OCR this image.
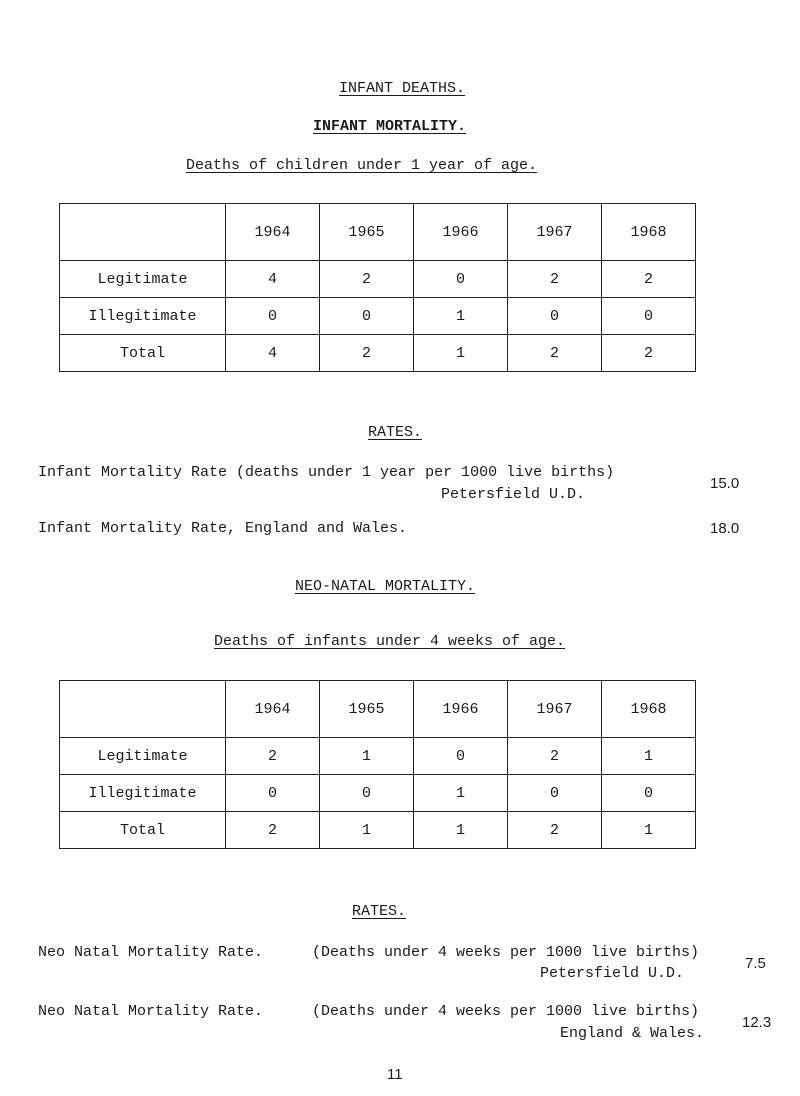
INFANT DEATHS.
INFANT MORTALITY.
Deaths of children under 1 year of age.
	1964	1965	1966	1967	1968
Legitimate	4	2	0	2	2
Illegitimate	0	0	1	0	0
Total	4	2	1	2	2
RATES.
Infant Mortality Rate (deaths under 1 year per 1000 live births)
Petersfield U.D.
15.0
Infant Mortality Rate, England and Wales.	18.0
NEO-NATAL MORTALITY.
Deaths of infants under 4 weeks of age.
	1964	1965	1966	1967	1968
Legitimate	2	1	0	2	1
Illegitimate	0	0	1	0	0
Total	2	1	1	2	1
RATES.
Neo Natal Mortality Rate.	(Deaths under 4 weeks per 1000 live births)
Petersfield U.D.
7.5
Neo Natal Mortality Rate.	(Deaths under 4 weeks per 1000 live births)
England & Wales.
12.3
11
